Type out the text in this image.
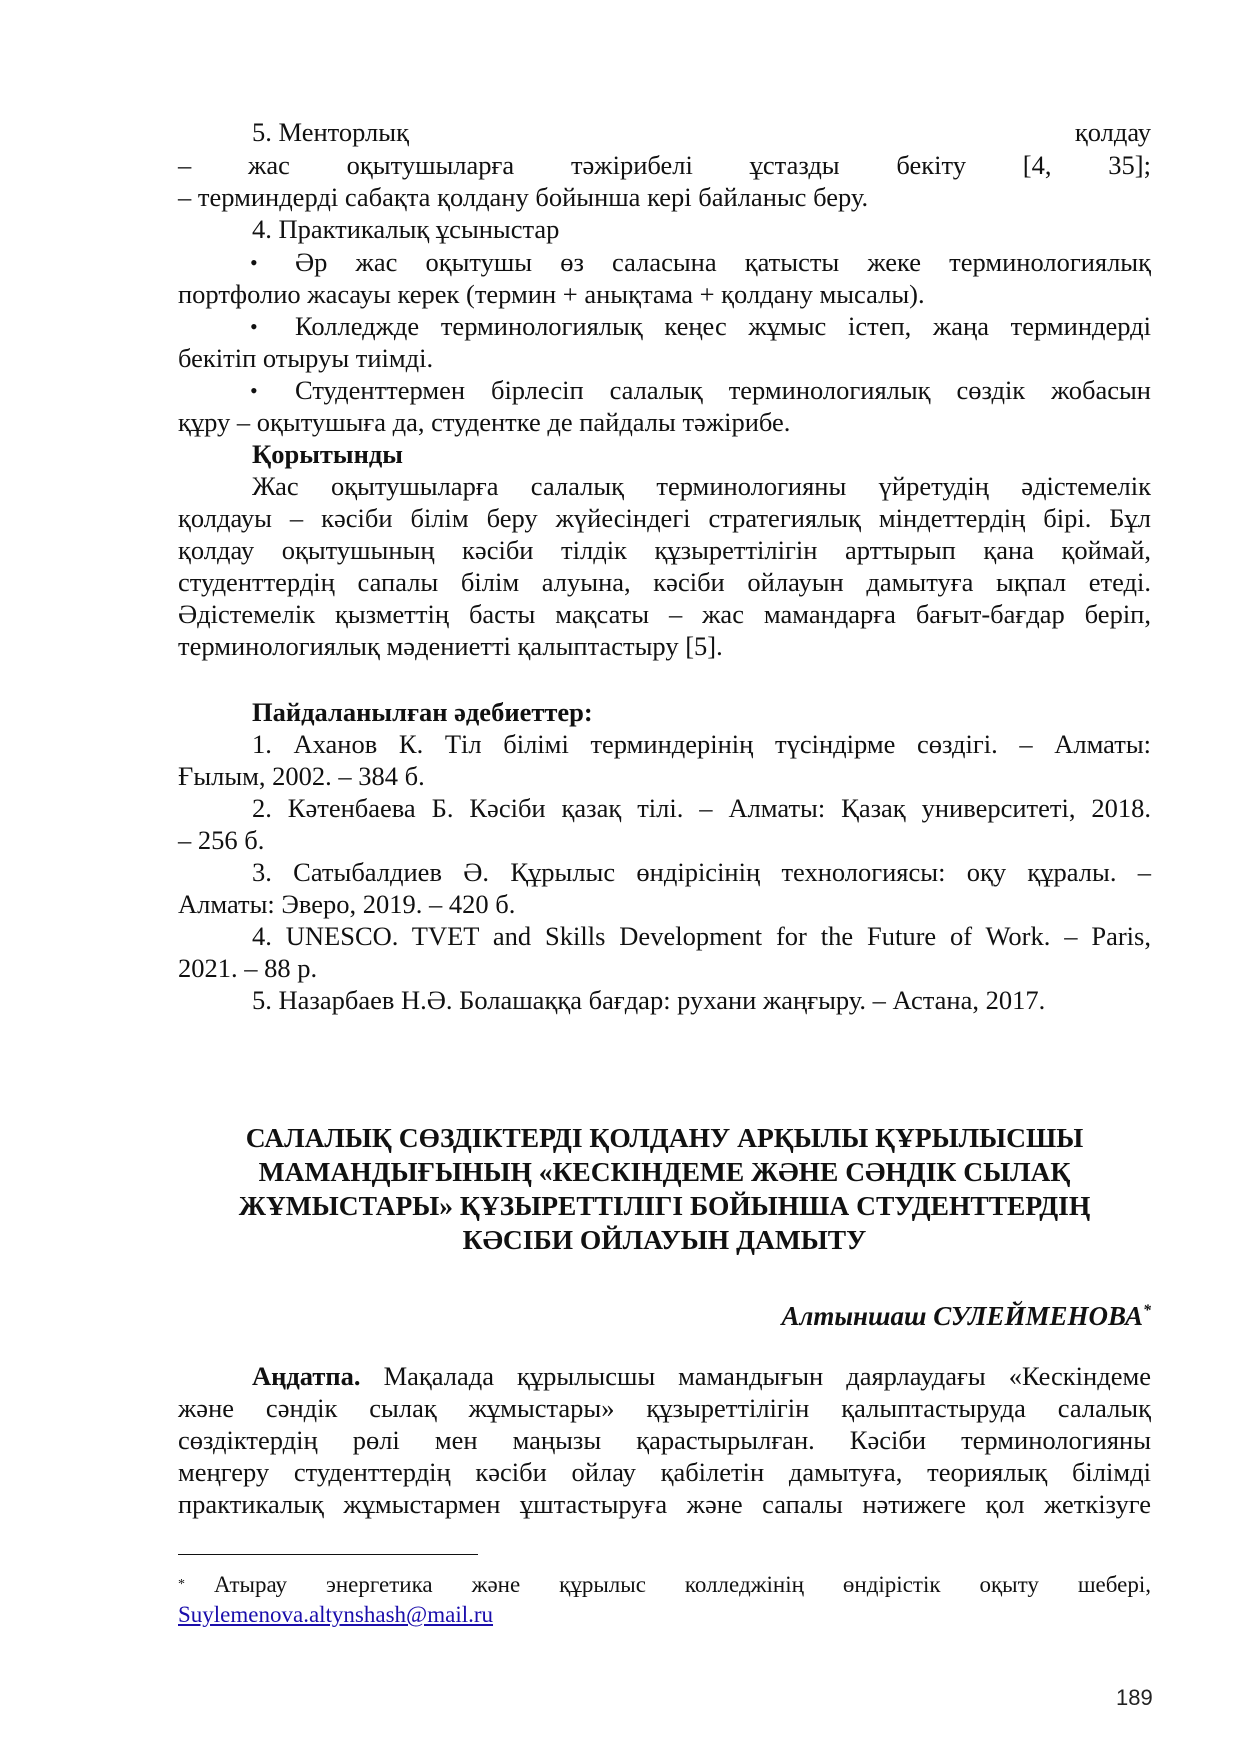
5. Менторлық	қолдау
– жас оқытушыларға тәжірибелі ұстазды бекіту [4, 35];
– терминдерді сабақта қолдану бойынша кері байланыс беру.
4. Практикалық ұсыныстар
• Әр жас оқытушы өз саласына қатысты жеке терминологиялық
портфолио жасауы керек (термин + анықтама + қолдану мысалы).
• Колледжде терминологиялық кеңес жұмыс істеп, жаңа терминдерді
бекітіп отыруы тиімді.
• Студенттермен бірлесіп салалық терминологиялық сөздік жобасын
құру – оқытушыға да, студентке де пайдалы тәжірибе.
Қорытынды
Жас оқытушыларға салалық терминологияны үйретудің әдістемелік
қолдауы – кәсіби білім беру жүйесіндегі стратегиялық міндеттердің бірі. Бұл
қолдау оқытушының кәсіби тілдік құзыреттілігін арттырып қана қоймай,
студенттердің сапалы білім алуына, кәсіби ойлауын дамытуға ықпал етеді.
Әдістемелік қызметтің басты мақсаты – жас мамандарға бағыт-бағдар беріп,
терминологиялық мәдениетті қалыптастыру [5].
Пайдаланылған әдебиеттер:
1. Аханов К. Тіл білімі терминдерінің түсіндірме сөздігі. – Алматы:
Ғылым, 2002. – 384 б.
2. Кәтенбаева Б. Кәсіби қазақ тілі. – Алматы: Қазақ университеті, 2018.
– 256 б.
3. Сатыбалдиев Ә. Құрылыс өндірісінің технологиясы: оқу құралы. –
Алматы: Эверо, 2019. – 420 б.
4. UNESCO. TVET and Skills Development for the Future of Work. – Paris,
2021. – 88 p.
5. Назарбаев Н.Ә. Болашаққа бағдар: рухани жаңғыру. – Астана, 2017.
САЛАЛЫҚ СӨЗДІКТЕРДІ ҚОЛДАНУ АРҚЫЛЫ ҚҰРЫЛЫСШЫ
МАМАНДЫҒЫНЫҢ «КЕСКІНДЕМЕ ЖӘНЕ СӘНДІК СЫЛАҚ
ЖҰМЫСТАРЫ» ҚҰЗЫРЕТТІЛІГІ БОЙЫНША СТУДЕНТТЕРДІҢ
КӘСІБИ ОЙЛАУЫН ДАМЫТУ
Алтыншаш СУЛЕЙМЕНОВА*
Аңдатпа. Мақалада құрылысшы мамандығын даярлаудағы «Кескіндеме
және сәндік сылақ жұмыстары» құзыреттілігін қалыптастыруда салалық
сөздіктердің рөлі мен маңызы қарастырылған. Кәсіби терминологияны
меңгеру студенттердің кәсіби ойлау қабілетін дамытуға, теориялық білімді
практикалық жұмыстармен ұштастыруға және сапалы нәтижеге қол жеткізуге
* Атырау энергетика және құрылыс колледжінің өндірістік оқыту шебері,
Suylemenova.altynshash@mail.ru
189
